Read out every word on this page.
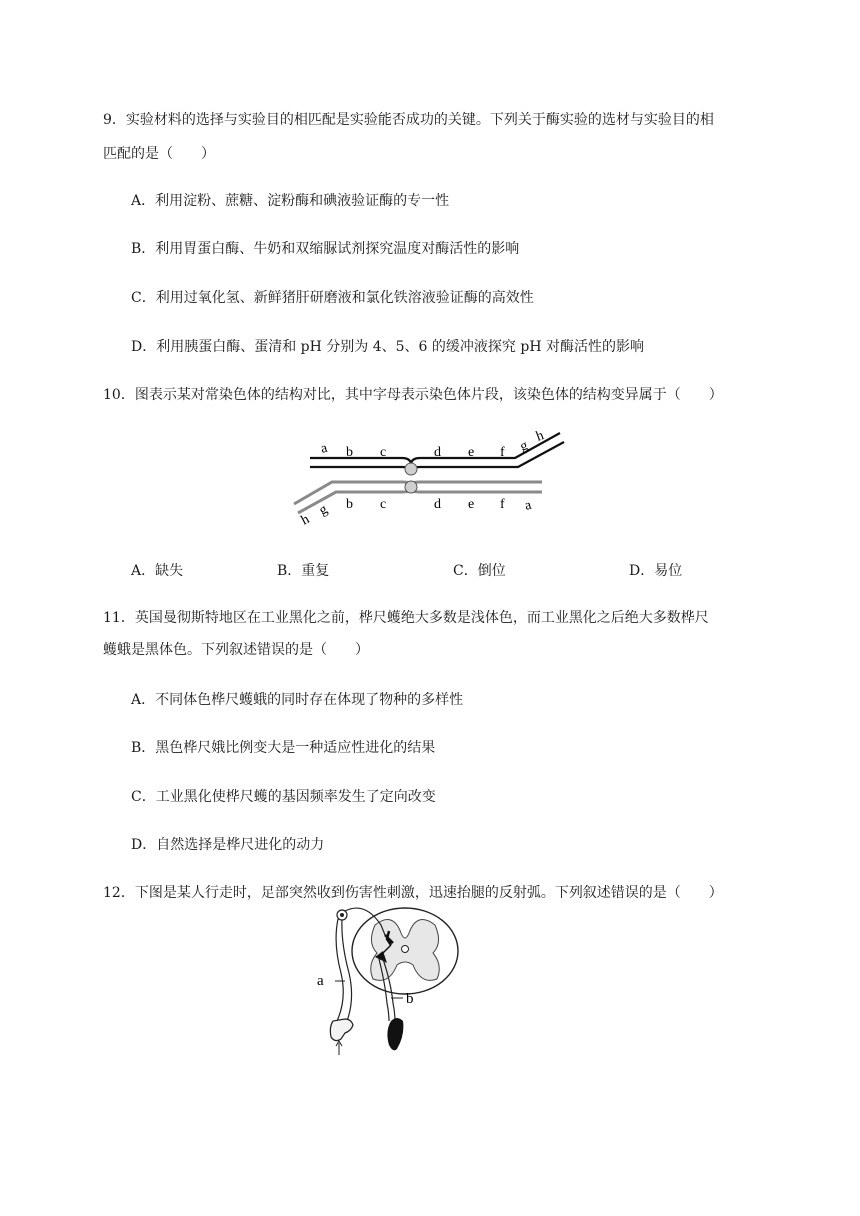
9．实验材料的选择与实验目的相匹配是实验能否成功的关键。下列关于酶实验的选材与实验目的相
匹配的是（　　）
A．利用淀粉、蔗糖、淀粉酶和碘液验证酶的专一性
B．利用胃蛋白酶、牛奶和双缩脲试剂探究温度对酶活性的影响
C．利用过氧化氢、新鲜猪肝研磨液和氯化铁溶液验证酶的高效性
D．利用胰蛋白酶、蛋清和 pH 分别为 4、5、6 的缓冲液探究 pH 对酶活性的影响
10．图表示某对常染色体的结构对比，其中字母表示染色体片段，该染色体的结构变异属于（　　）
a b c	d e f g
h
h
g b c	d e f a
A．缺失	B．重复	C．倒位	D．易位
11．英国曼彻斯特地区在工业黑化之前，桦尺蠖绝大多数是浅体色，而工业黑化之后绝大多数桦尺
蠖蛾是黑体色。下列叙述错误的是（　　）
A．不同体色桦尺蠖蛾的同时存在体现了物种的多样性
B．黑色桦尺娥比例变大是一种适应性进化的结果
C．工业黑化使桦尺蠖的基因频率发生了定向改变
D．自然选择是桦尺进化的动力
12．下图是某人行走时，足部突然收到伤害性刺激，迅速抬腿的反射弧。下列叙述错误的是（　　）
a
b
